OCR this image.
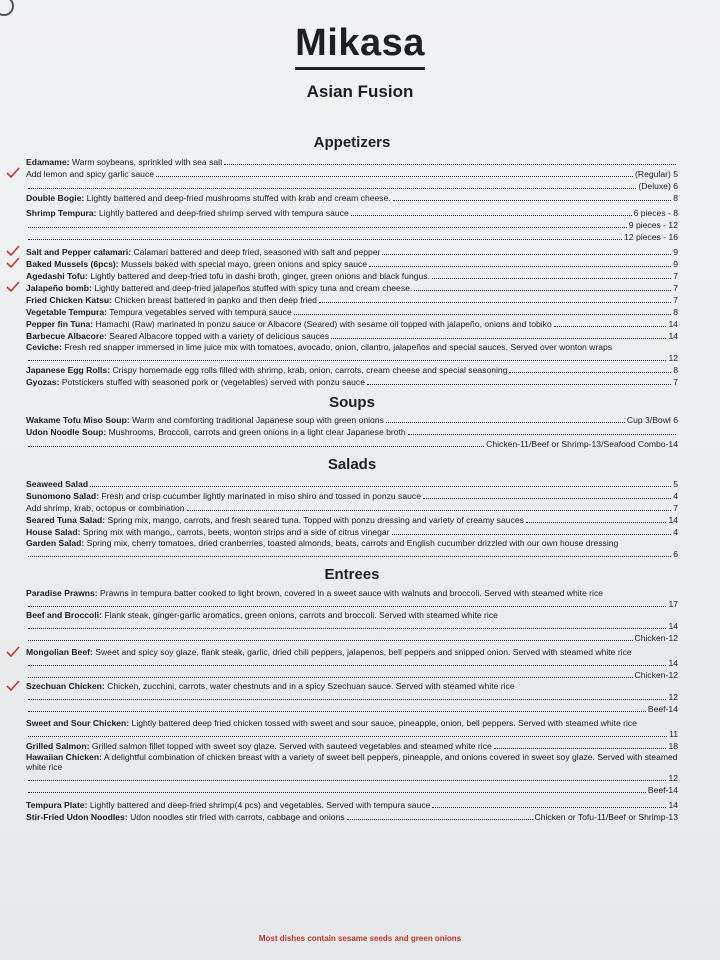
Mikasa
Asian Fusion
Appetizers
Edamame: Warm soybeans, sprinkled with sea salt
Add lemon and spicy garlic sauce	(Regular) 5
(Deluxe) 6
Double Bogie: Lightly battered and deep-fried mushrooms stuffed with krab and cream cheese.	8
Shrimp Tempura: Lightly battered and deep-fried shrimp served with tempura sauce	6 pieces - 8
9 pieces - 12
12 pieces - 16
Salt and Pepper calamari: Calamari battered and deep fried, seasoned with salt and pepper	9
Baked Mussels (6pcs): Mussels baked with special mayo, green onions and spicy sauce	9
Agedashi Tofu: Lightly battered and deep-fried tofu in dashi broth, ginger, green onions and black fungus.	7
Jalapeño bomb: Lightly battered and deep-fried jalapeños stuffed with spicy tuna and cream cheese.	7
Fried Chicken Katsu: Chicken breast battered in panko and then deep fried	7
Vegetable Tempura: Tempura vegetables served with tempura sauce	8
Pepper fin Tuna: Hamachi (Raw) marinated in ponzu sauce or Albacore (Seared) with sesame oil topped with jalapeño, onions and tobiko	14
Barbecue Albacore: Seared Albacore topped with a variety of delicious sauces	14
Ceviche: Fresh red snapper immersed in lime juice mix with tomatoes, avocado, onion, cilantro, jalapeños and special sauces. Served over wonton wraps
12
Japanese Egg Rolls: Crispy homemade egg rolls filled with shrimp, krab, onion, carrots, cream cheese and special seasoning	8
Gyozas: Potstickers stuffed with seasoned pork or (vegetables) served with ponzu sauce	7
Soups
Wakame Tofu Miso Soup: Warm and comforting traditional Japanese soup with green onions	Cup 3/Bowl 6
Udon Noodle Soup: Mushrooms, Broccoli, carrots and green onions in a light clear Japanese broth
Chicken-11/Beef or Shrimp-13/Seafood Combo-14
Salads
Seaweed Salad	5
Sunomono Salad: Fresh and crisp cucumber lightly marinated in miso shiro and tossed in ponzu sauce	4
Add shrimp, krab, octopus or combination	7
Seared Tuna Salad: Spring mix, mango, carrots, and fresh seared tuna. Topped with ponzu dressing and variety of creamy sauces	14
House Salad: Spring mix with mango,, carrots, beets, wonton strips and a side of citrus vinegar	4
Garden Salad: Spring mix, cherry tomatoes, dried cranberries, toasted almonds, beats, carrots and English cucumber drizzled with our own house dressing
6
Entrees
Paradise Prawns: Prawns in tempura batter cooked to light brown, covered in a sweet sauce with walnuts and broccoli. Served with steamed white rice
17
Beef and Broccoli: Flank steak, ginger-garlic aromatics, green onions, carrots and broccoli. Served with steamed white rice
14
Chicken-12
Mongolian Beef: Sweet and spicy soy glaze, flank steak, garlic, dried chili peppers, jalapenos, bell peppers and snipped onion. Served with steamed white rice
14
Chicken-12
Szechuan Chicken: Chicken, zucchini, carrots, water chestnuts and in a spicy Szechuan sauce. Served with steamed white rice
12
Beef-14
Sweet and Sour Chicken: Lightly battered deep fried chicken tossed with sweet and sour sauce, pineapple, onion, bell peppers. Served with steamed white rice
11
Grilled Salmon: Grilled salmon fillet topped with sweet soy glaze. Served with sauteed vegetables and steamed white rice	18
Hawaiian Chicken: A delightful combination of chicken breast with a variety of sweet bell peppers, pineapple, and onions covered in sweet soy glaze. Served with steamed white rice
12
Beef-14
Tempura Plate: Lightly battered and deep-fried shrimp(4 pcs) and vegetables. Served with tempura sauce	14
Stir-Fried Udon Noodles: Udon noodles stir fried with carrots, cabbage and onions	Chicken or Tofu-11/Beef or Shrimp-13
Most dishes contain sesame seeds and green onions
